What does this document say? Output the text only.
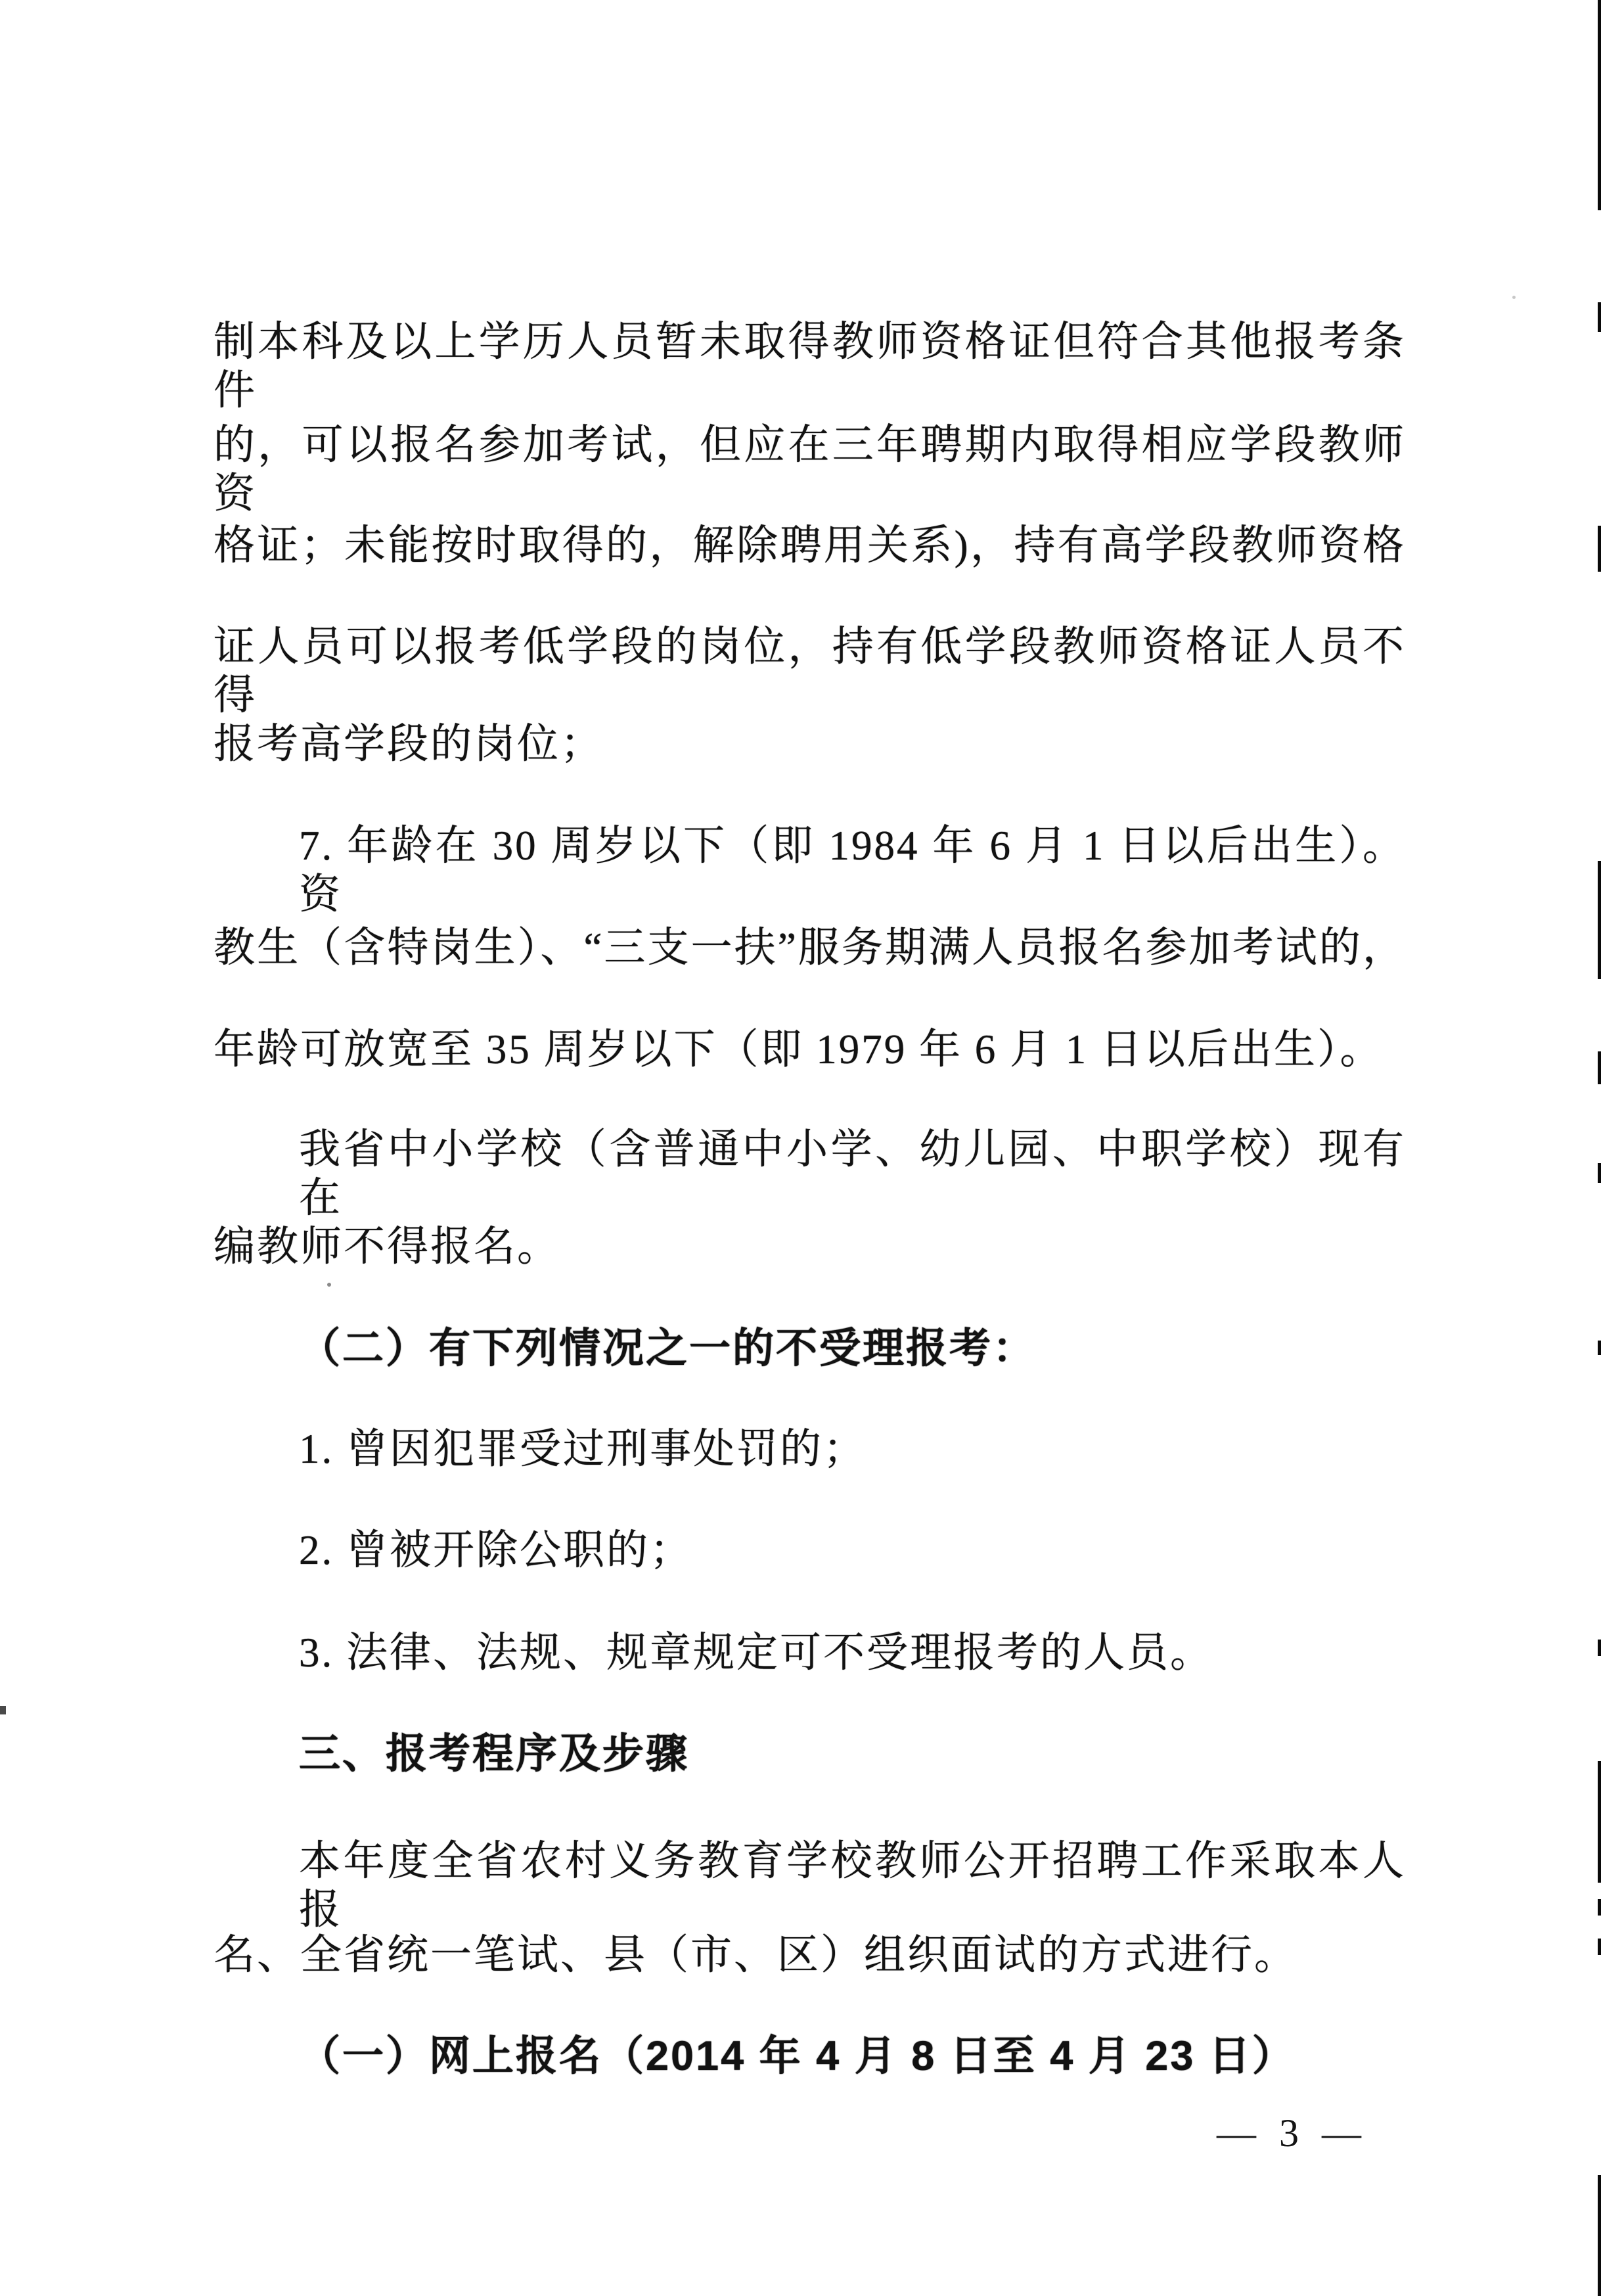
制本科及以上学历人员暂未取得教师资格证但符合其他报考条件
的，可以报名参加考试，但应在三年聘期内取得相应学段教师资
格证；未能按时取得的，解除聘用关系)，持有高学段教师资格
证人员可以报考低学段的岗位，持有低学段教师资格证人员不得
报考高学段的岗位；
7. 年龄在 30 周岁以下（即 1984 年 6 月 1 日以后出生）。资
教生（含特岗生）、“三支一扶”服务期满人员报名参加考试的，
年龄可放宽至 35 周岁以下（即 1979 年 6 月 1 日以后出生）。
我省中小学校（含普通中小学、幼儿园、中职学校）现有在
编教师不得报名。
（二）有下列情况之一的不受理报考：
1. 曾因犯罪受过刑事处罚的；
2. 曾被开除公职的；
3. 法律、法规、规章规定可不受理报考的人员。
三、报考程序及步骤
本年度全省农村义务教育学校教师公开招聘工作采取本人报
名、全省统一笔试、县（市、区）组织面试的方式进行。
（一）网上报名（2014 年 4 月 8 日至 4 月 23 日）
— 3 —
